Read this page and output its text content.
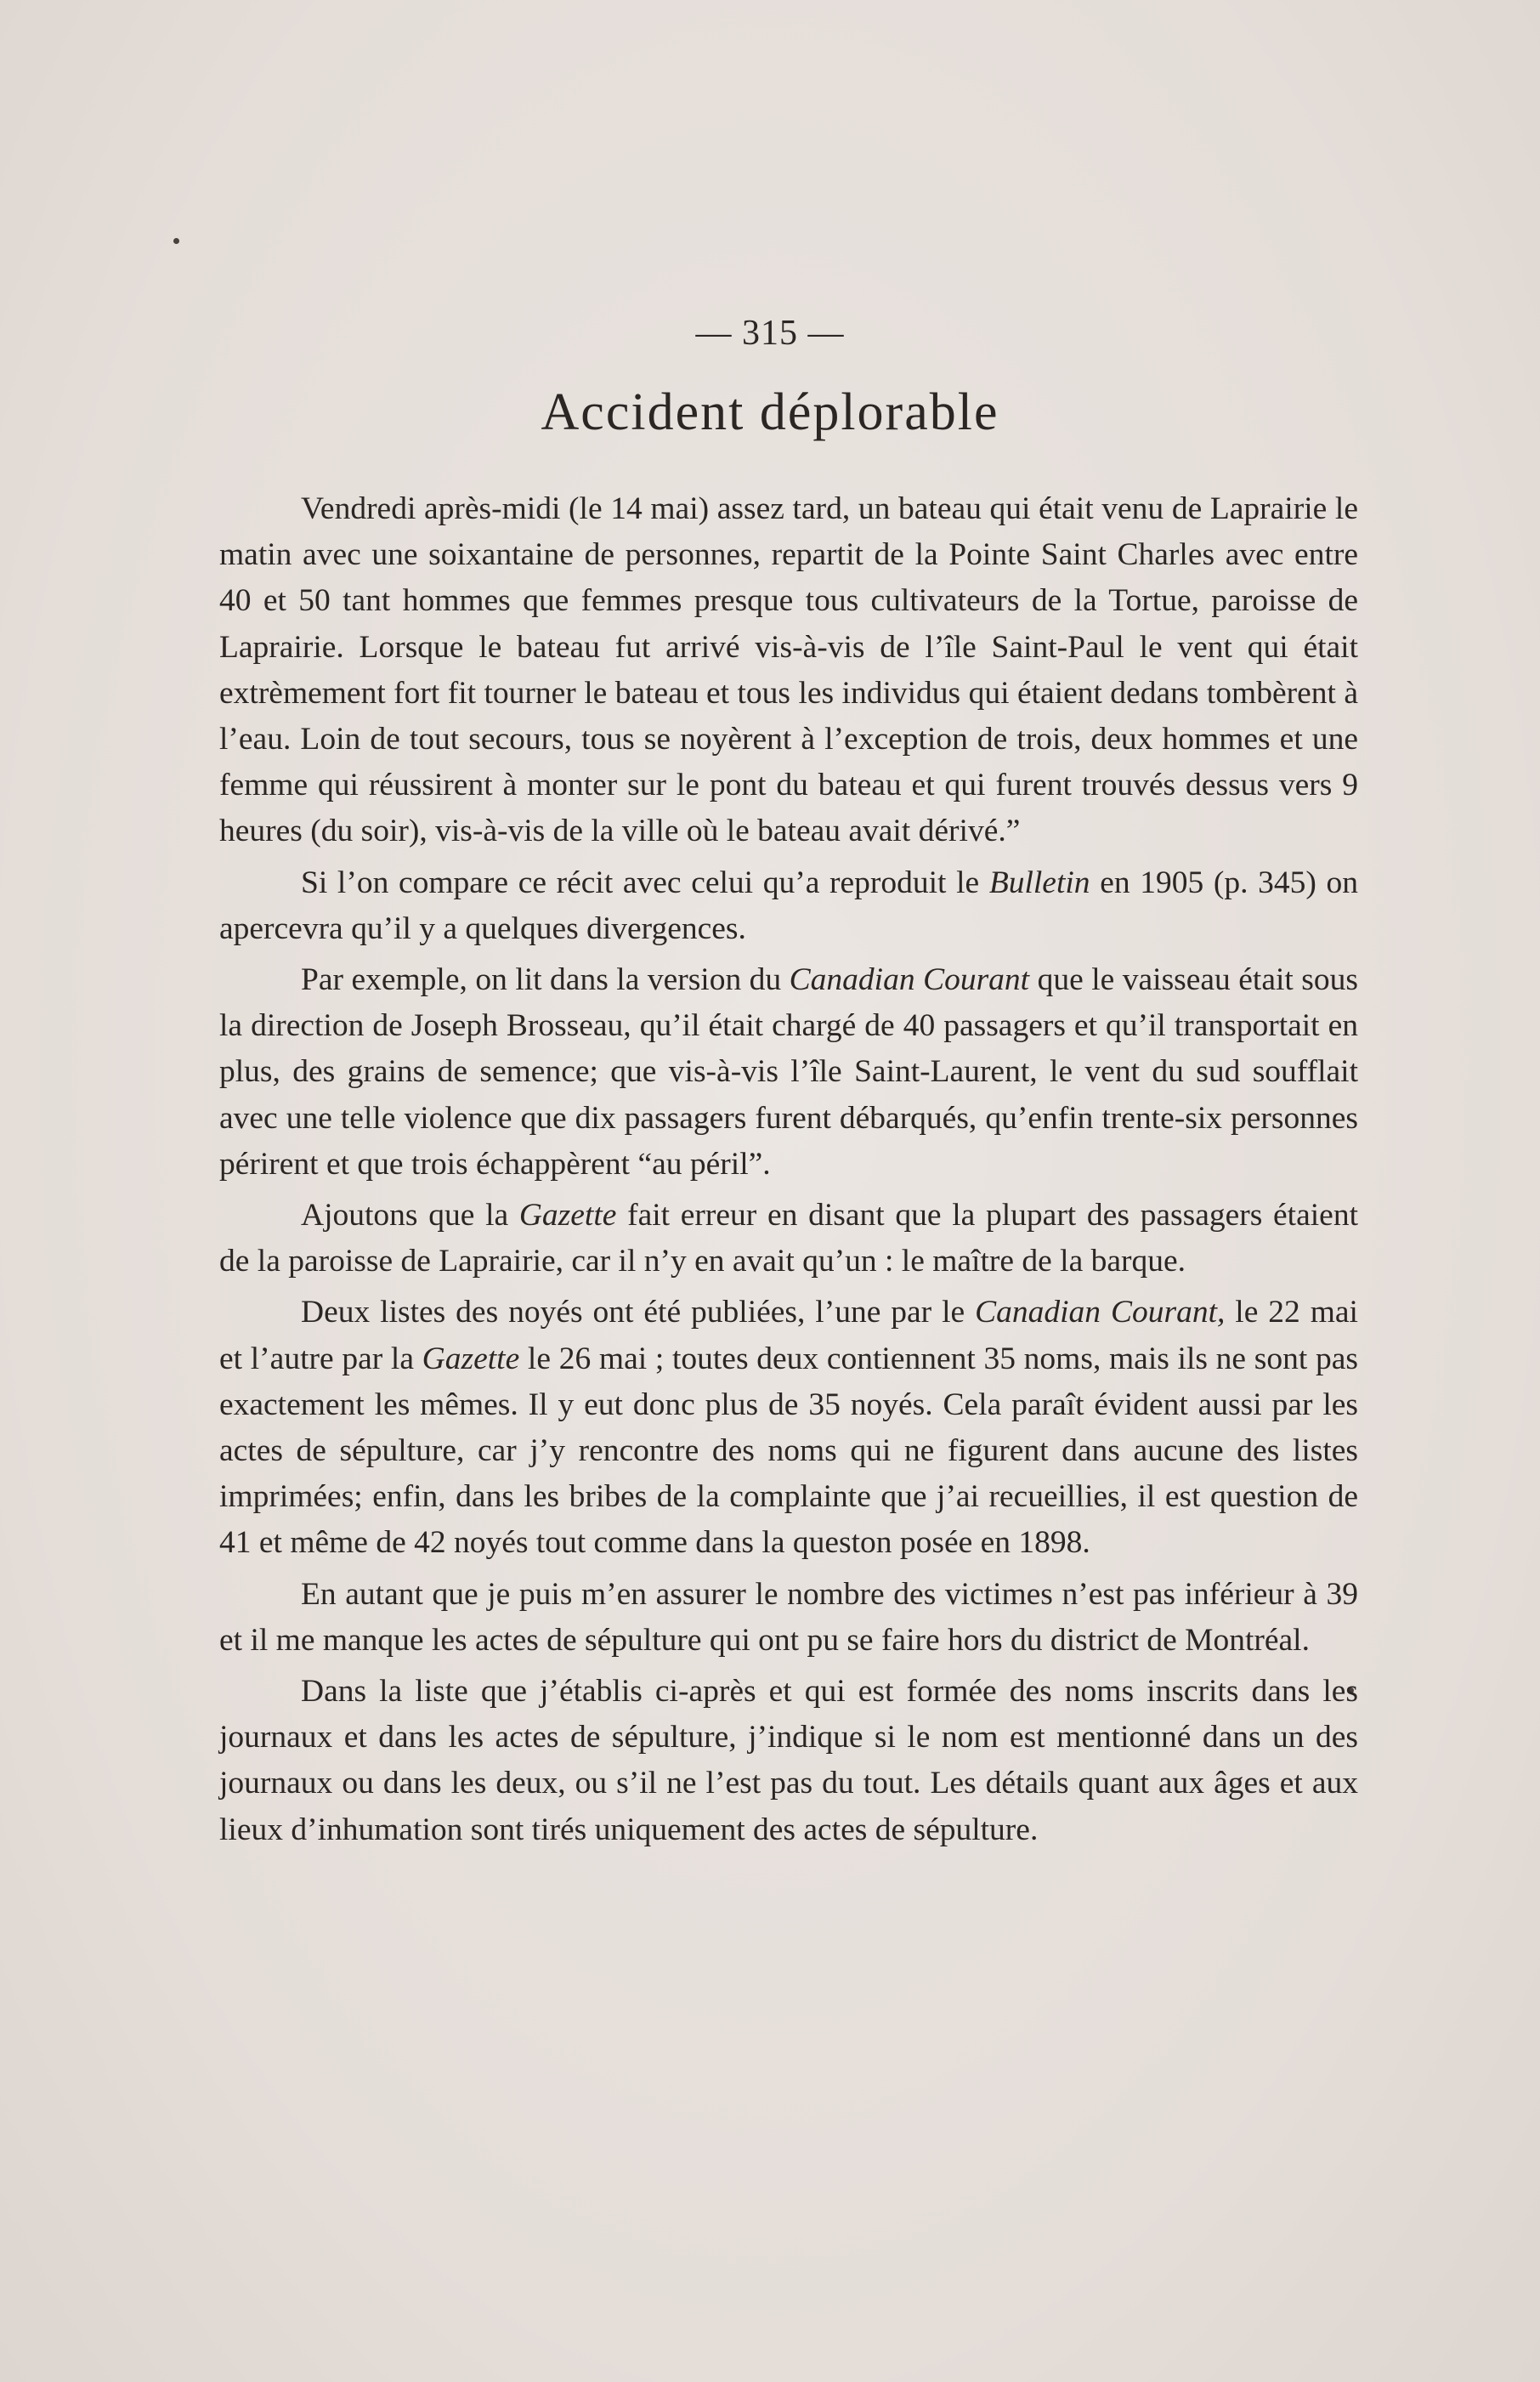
— 315 —
Accident déplorable

Vendredi après-midi (le 14 mai) assez tard, un bateau qui était venu de Laprairie le matin avec une soixantaine de personnes, repartit de la Pointe Saint Charles avec entre 40 et 50 tant hommes que femmes presque tous cultivateurs de la Tortue, paroisse de Laprairie. Lorsque le bateau fut arrivé vis-à-vis de l’île Saint-Paul le vent qui était extrèmement fort fit tourner le bateau et tous les individus qui étaient dedans tombèrent à l’eau. Loin de tout secours, tous se noyèrent à l’exception de trois, deux hommes et une femme qui réussirent à monter sur le pont du bateau et qui furent trouvés dessus vers 9 heures (du soir), vis-à-vis de la ville où le bateau avait dérivé.”

Si l’on compare ce récit avec celui qu’a reproduit le Bulletin en 1905 (p. 345) on apercevra qu’il y a quelques divergences.

Par exemple, on lit dans la version du Canadian Courant que le vaisseau était sous la direction de Joseph Brosseau, qu’il était chargé de 40 passagers et qu’il transportait en plus, des grains de semence; que vis-à-vis l’île Saint-Laurent, le vent du sud soufflait avec une telle violence que dix passagers furent débarqués, qu’enfin trente-six personnes périrent et que trois échappèrent “au péril”.

Ajoutons que la Gazette fait erreur en disant que la plupart des passagers étaient de la paroisse de Laprairie, car il n’y en avait qu’un : le maître de la barque.

Deux listes des noyés ont été publiées, l’une par le Canadian Courant, le 22 mai et l’autre par la Gazette le 26 mai ; toutes deux contiennent 35 noms, mais ils ne sont pas exactement les mêmes. Il y eut donc plus de 35 noyés. Cela paraît évident aussi par les actes de sépulture, car j’y rencontre des noms qui ne figurent dans aucune des listes imprimées; enfin, dans les bribes de la complainte que j’ai recueillies, il est question de 41 et même de 42 noyés tout comme dans la queston posée en 1898.

En autant que je puis m’en assurer le nombre des victimes n’est pas inférieur à 39 et il me manque les actes de sépulture qui ont pu se faire hors du district de Montréal.

Dans la liste que j’établis ci-après et qui est formée des noms inscrits dans les journaux et dans les actes de sépulture, j’indique si le nom est mentionné dans un des journaux ou dans les deux, ou s’il ne l’est pas du tout. Les détails quant aux âges et aux lieux d’inhumation sont tirés uniquement des actes de sépulture.
